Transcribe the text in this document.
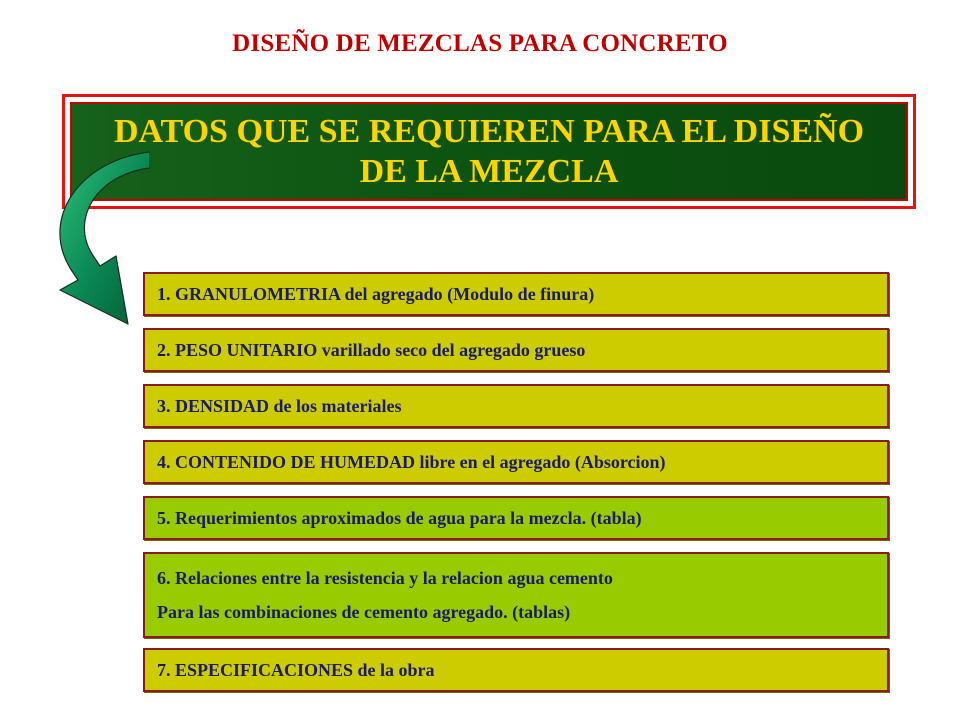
DISEÑO DE MEZCLAS PARA CONCRETO
DATOS QUE SE REQUIEREN PARA EL DISEÑO
DE LA MEZCLA
1. GRANULOMETRIA del agregado (Modulo de finura)
2. PESO UNITARIO varillado seco del agregado grueso
3. DENSIDAD de los materiales
4. CONTENIDO DE HUMEDAD libre en el agregado (Absorcion)
5. Requerimientos aproximados de agua para la mezcla. (tabla)
6. Relaciones entre la resistencia y la relacion agua cemento
Para las combinaciones de cemento agregado. (tablas)
7. ESPECIFICACIONES de la obra
